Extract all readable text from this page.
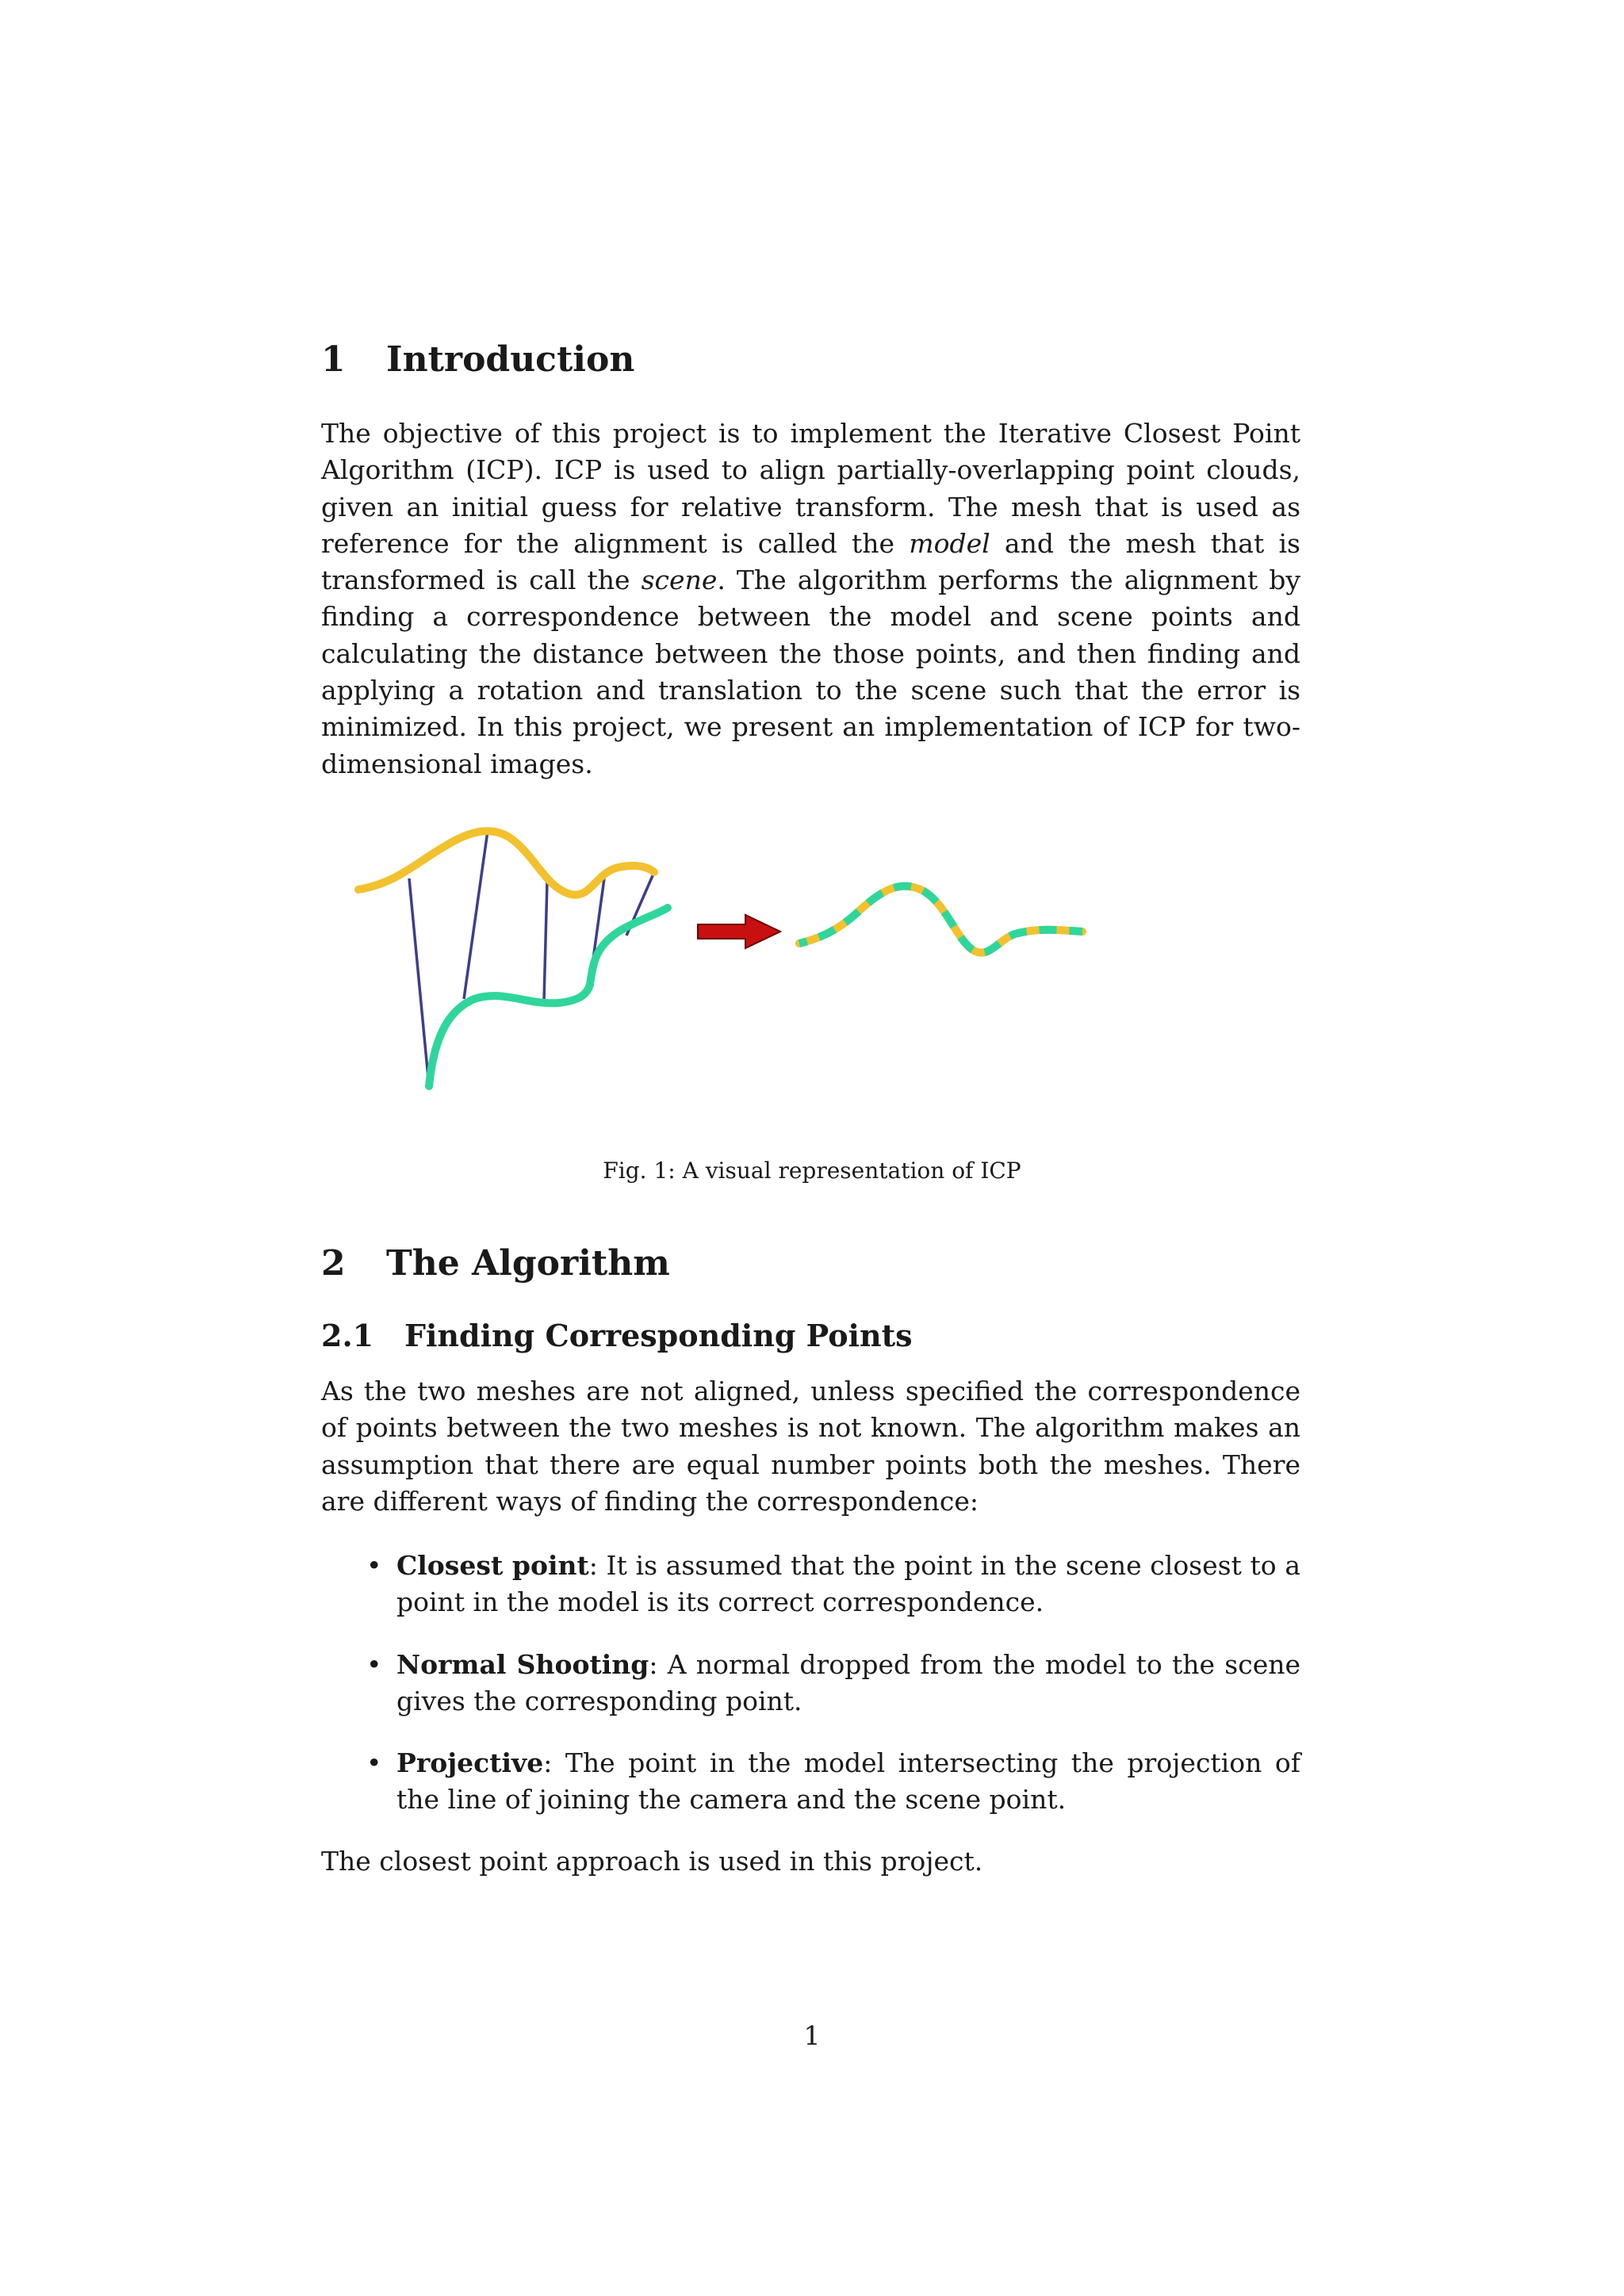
1 Introduction

The objective of this project is to implement the Iterative Closest Point Algorithm (ICP). ICP is used to align partially-overlapping point clouds, given an initial guess for relative transform. The mesh that is used as reference for the alignment is called the model and the mesh that is transformed is call the scene. The algorithm performs the alignment by finding a correspondence between the model and scene points and calculating the distance between the those points, and then finding and applying a rotation and translation to the scene such that the error is minimized. In this project, we present an implementation of ICP for two-dimensional images.

Fig. 1: A visual representation of ICP
2 The Algorithm
2.1 Finding Corresponding Points

As the two meshes are not aligned, unless specified the correspondence of points between the two meshes is not known. The algorithm makes an assumption that there are equal number points both the meshes. There are different ways of finding the correspondence:

• Closest point: It is assumed that the point in the scene closest to a point in the model is its correct correspondence.
• Normal Shooting: A normal dropped from the model to the scene gives the corresponding point.
• Projective: The point in the model intersecting the projection of the line of joining the camera and the scene point.

The closest point approach is used in this project.

1
